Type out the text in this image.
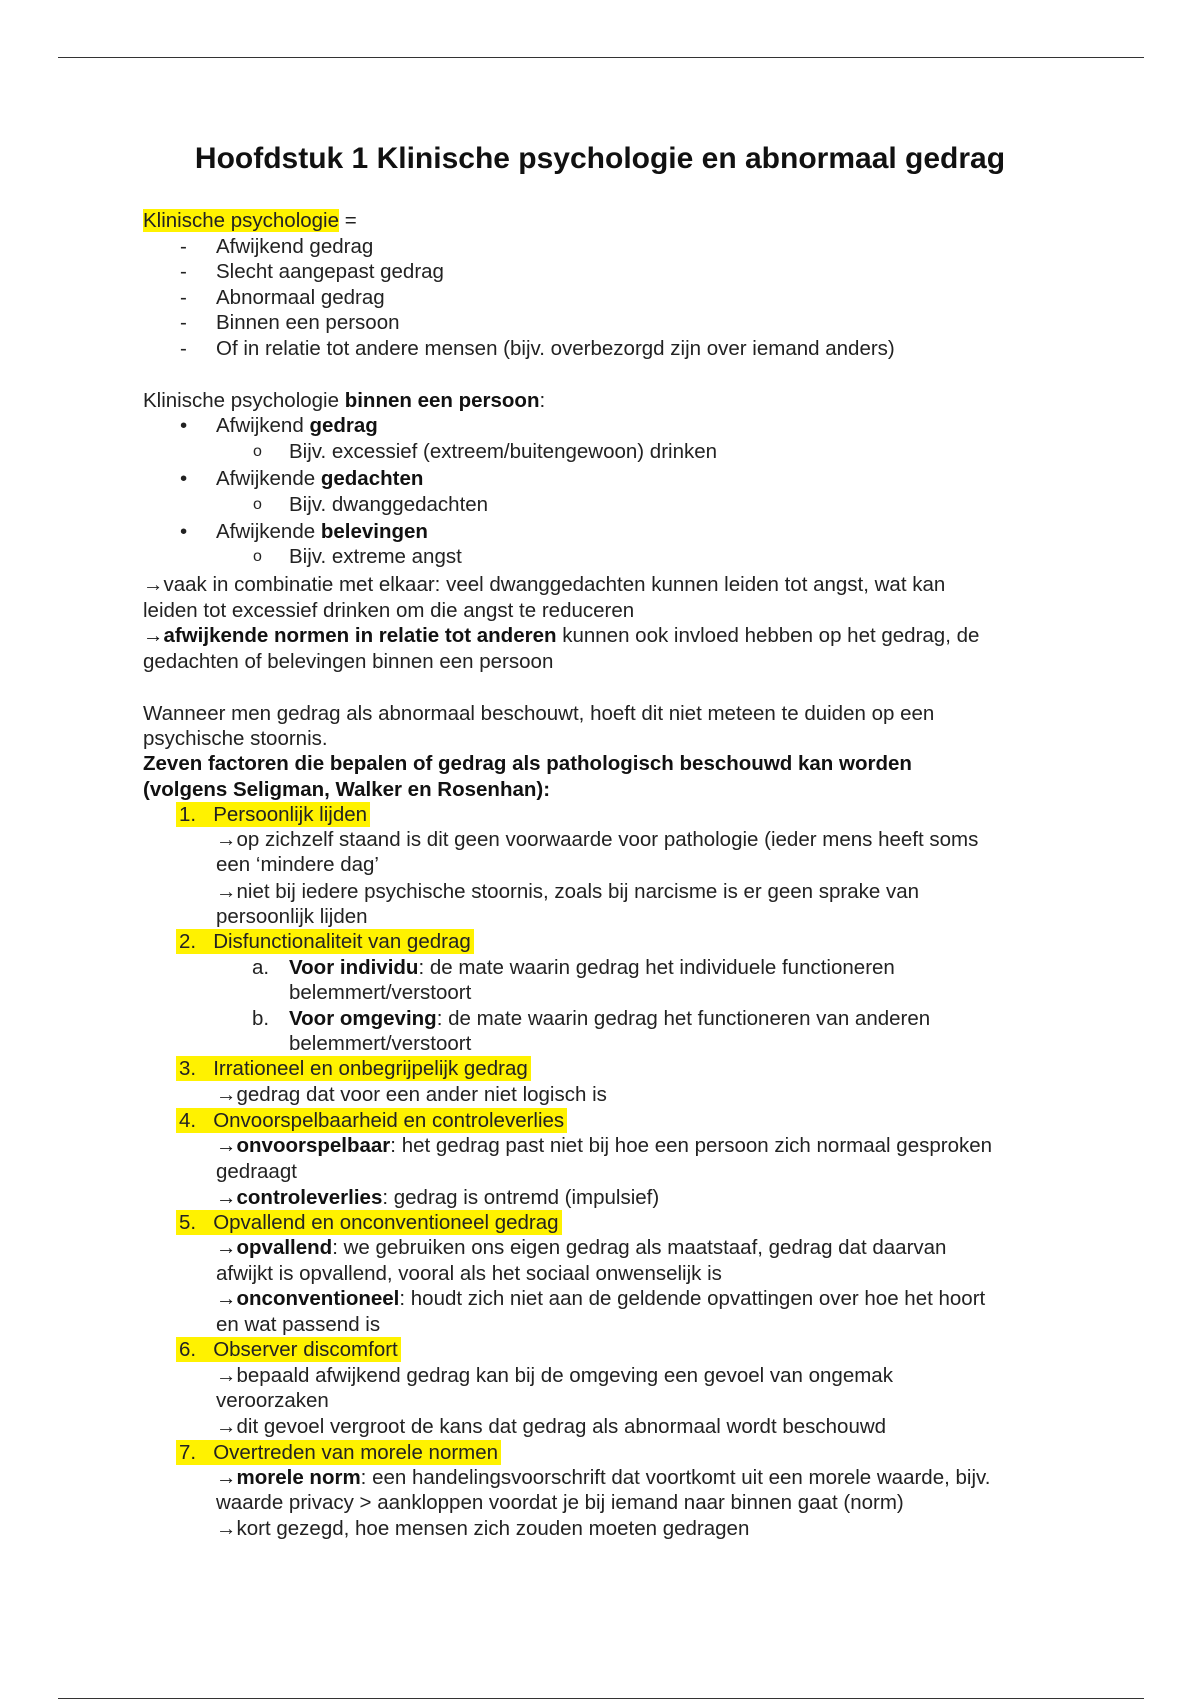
Hoofdstuk 1 Klinische psychologie en abnormaal gedrag
Klinische psychologie =
- Afwijkend gedrag
- Slecht aangepast gedrag
- Abnormaal gedrag
- Binnen een persoon
- Of in relatie tot andere mensen (bijv. overbezorgd zijn over iemand anders)
Klinische psychologie binnen een persoon:
• Afwijkend gedrag
o Bijv. excessief (extreem/buitengewoon) drinken
• Afwijkende gedachten
o Bijv. dwanggedachten
• Afwijkende belevingen
o Bijv. extreme angst
→vaak in combinatie met elkaar: veel dwanggedachten kunnen leiden tot angst, wat kan
leiden tot excessief drinken om die angst te reduceren
→afwijkende normen in relatie tot anderen kunnen ook invloed hebben op het gedrag, de
gedachten of belevingen binnen een persoon
Wanneer men gedrag als abnormaal beschouwt, hoeft dit niet meteen te duiden op een
psychische stoornis.
Zeven factoren die bepalen of gedrag als pathologisch beschouwd kan worden
(volgens Seligman, Walker en Rosenhan):
1. Persoonlijk lijden
→op zichzelf staand is dit geen voorwaarde voor pathologie (ieder mens heeft soms
een ‘mindere dag’
→niet bij iedere psychische stoornis, zoals bij narcisme is er geen sprake van
persoonlijk lijden
2. Disfunctionaliteit van gedrag
a. Voor individu: de mate waarin gedrag het individuele functioneren
belemmert/verstoort
b. Voor omgeving: de mate waarin gedrag het functioneren van anderen
belemmert/verstoort
3. Irrationeel en onbegrijpelijk gedrag
→gedrag dat voor een ander niet logisch is
4. Onvoorspelbaarheid en controleverlies
→onvoorspelbaar: het gedrag past niet bij hoe een persoon zich normaal gesproken
gedraagt
→controleverlies: gedrag is ontremd (impulsief)
5. Opvallend en onconventioneel gedrag
→opvallend: we gebruiken ons eigen gedrag als maatstaaf, gedrag dat daarvan
afwijkt is opvallend, vooral als het sociaal onwenselijk is
→onconventioneel: houdt zich niet aan de geldende opvattingen over hoe het hoort
en wat passend is
6. Observer discomfort
→bepaald afwijkend gedrag kan bij de omgeving een gevoel van ongemak
veroorzaken
→dit gevoel vergroot de kans dat gedrag als abnormaal wordt beschouwd
7. Overtreden van morele normen
→morele norm: een handelingsvoorschrift dat voortkomt uit een morele waarde, bijv.
waarde privacy > aankloppen voordat je bij iemand naar binnen gaat (norm)
→kort gezegd, hoe mensen zich zouden moeten gedragen
